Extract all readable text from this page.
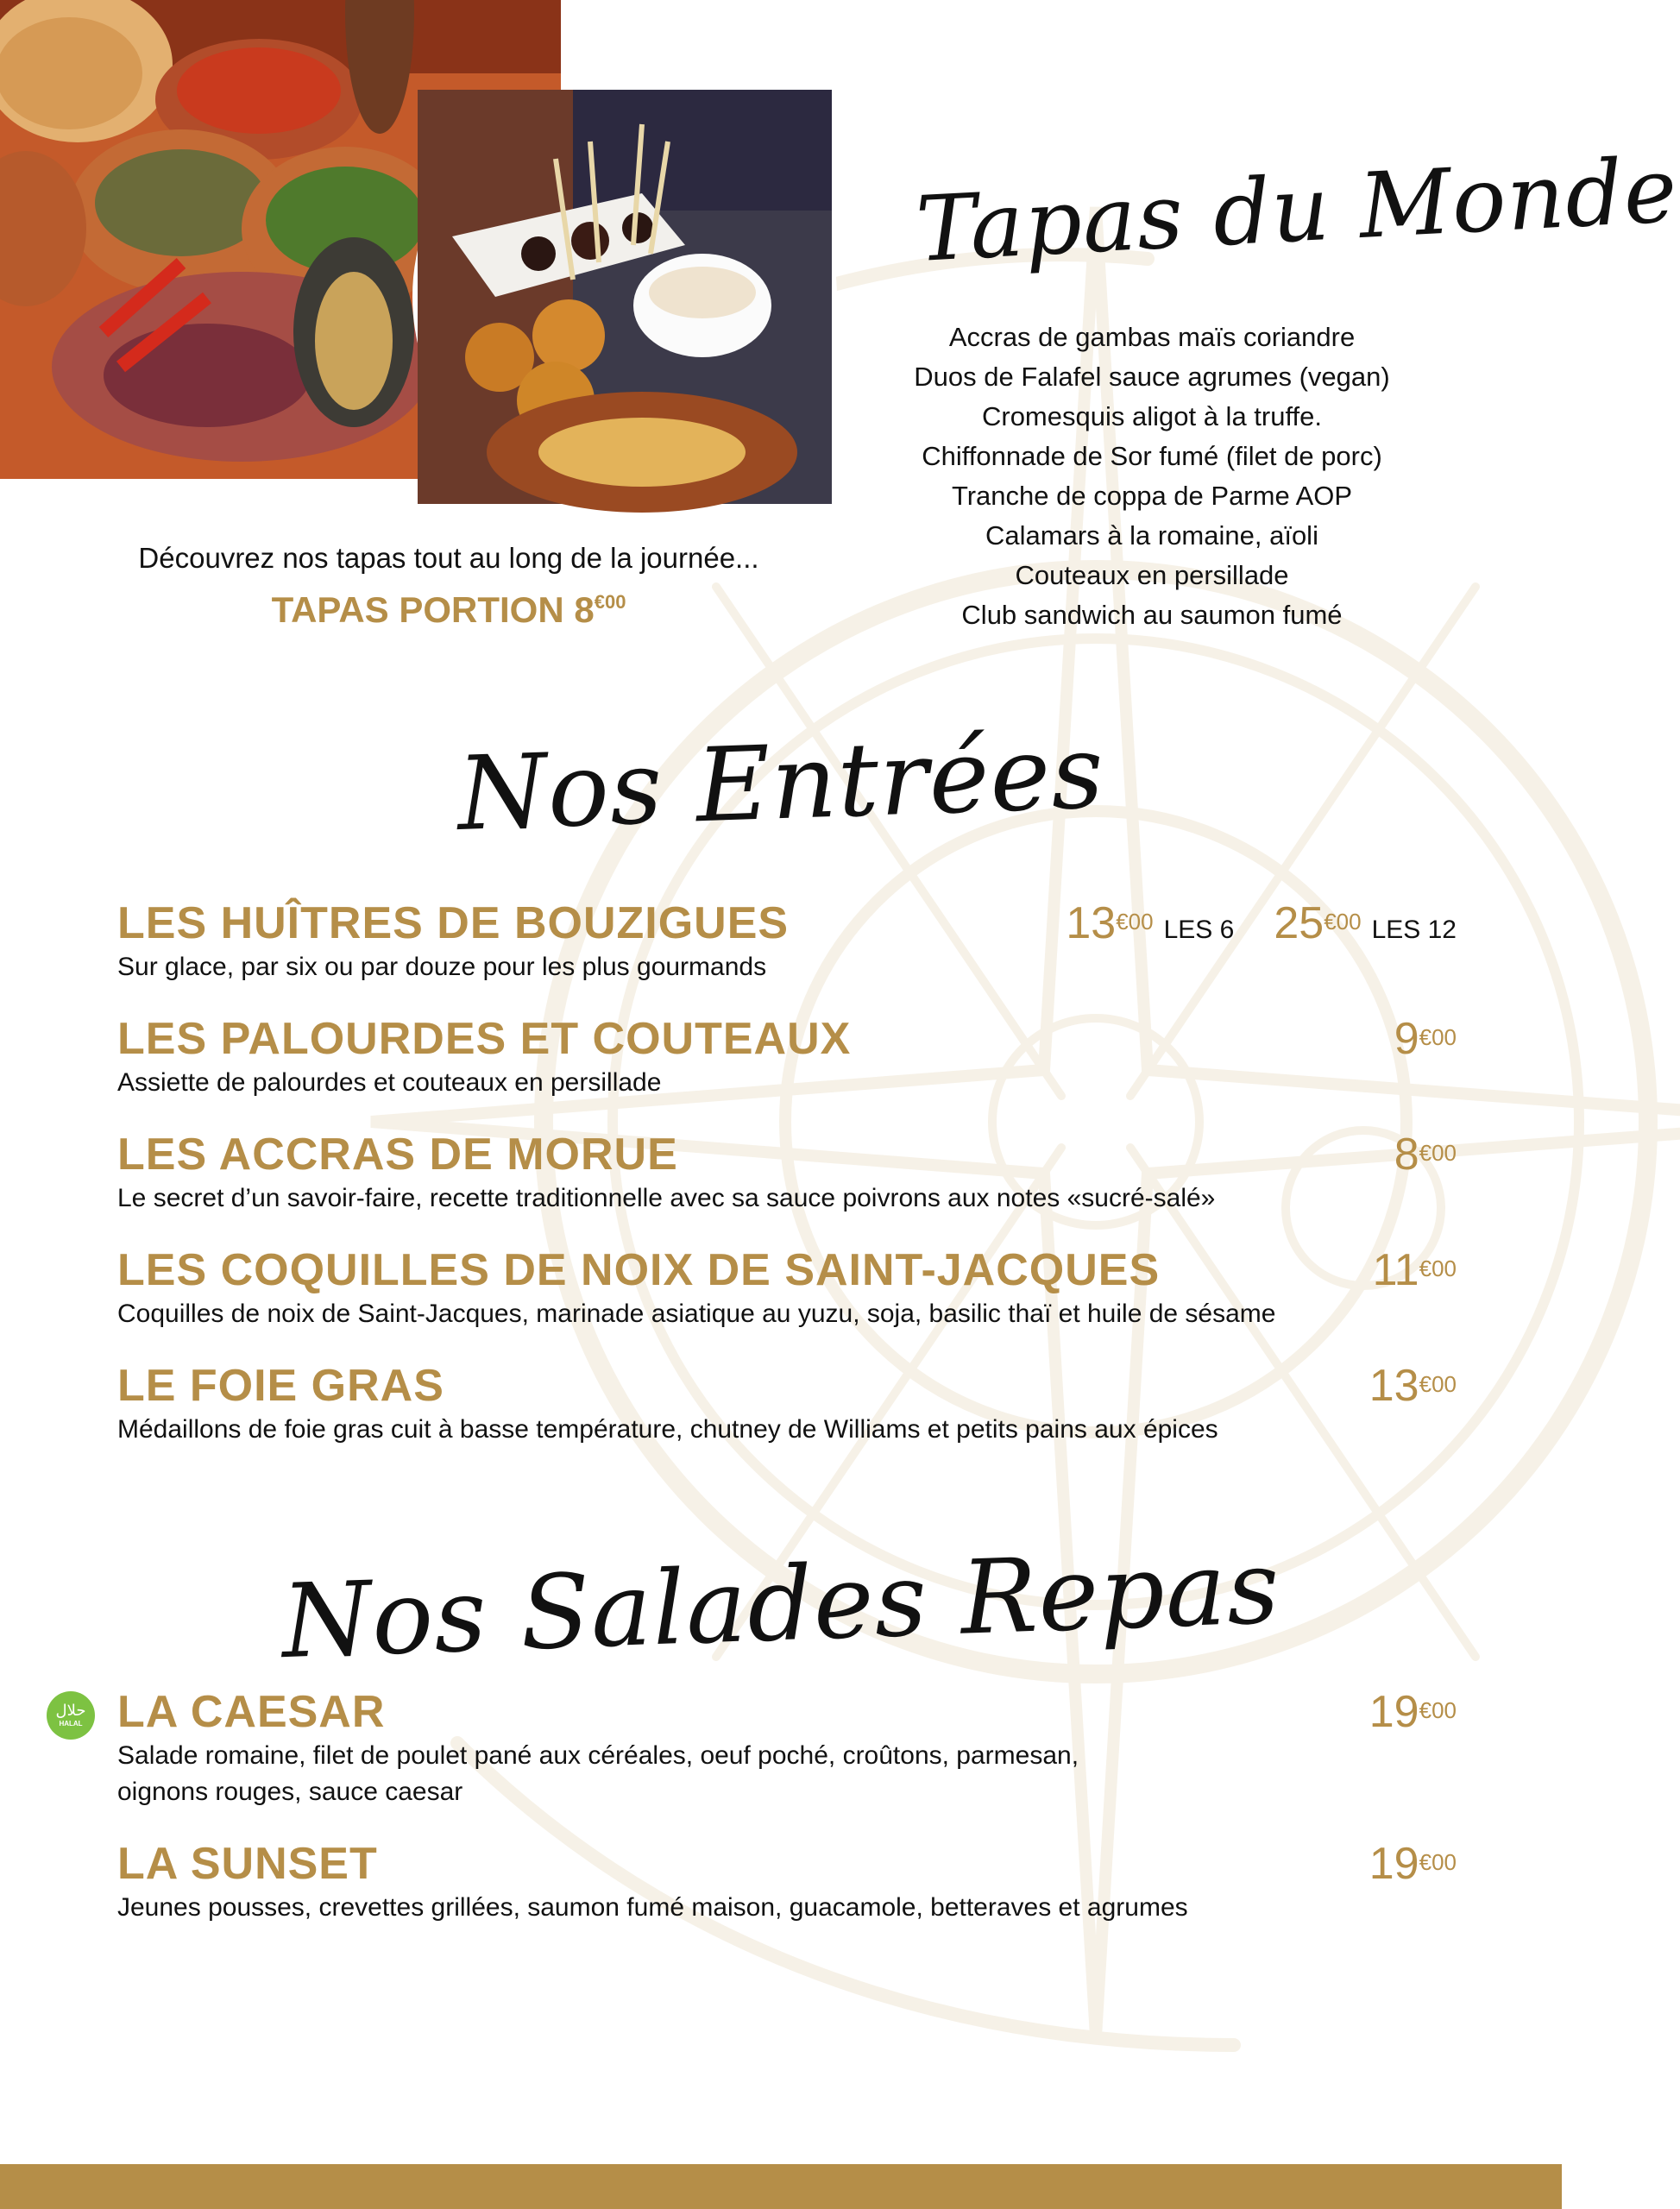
Tapas du Monde
Accras de gambas maïs coriandre
Duos de Falafel sauce agrumes (vegan)
Cromesquis aligot à la truffe.
Chiffonnade de Sor fumé (filet de porc)
Tranche de coppa de Parme AOP
Calamars à la romaine, aïoli
Couteaux en persillade
Club sandwich au saumon fumé
Découvrez nos tapas tout au long de la journée...
TAPAS PORTION $8^{€00}$
Nos Entrées
LES HUÎTRES DE BOUZIGUES
Sur glace, par six ou par douze pour les plus gourmands
$13^{€00}$ LES 6 $25^{€00}$ LES 12
LES PALOURDES ET COUTEAUX
Assiette de palourdes et couteaux en persillade
$9^{€00}$
LES ACCRAS DE MORUE
Le secret d’un savoir-faire, recette traditionnelle avec sa sauce poivrons aux notes «sucré-salé»
$8^{€00}$
LES COQUILLES DE NOIX DE SAINT-JACQUES
Coquilles de noix de Saint-Jacques, marinade asiatique au yuzu, soja, basilic thaï et huile de sésame
$11^{€00}$
LE FOIE GRAS
Médaillons de foie gras cuit à basse température, chutney de Williams et petits pains aux épices
$13^{€00}$
Nos Salades Repas
حلال
HALAL LA CAESAR
Salade romaine, filet de poulet pané aux céréales, oeuf poché, croûtons, parmesan,
oignons rouges, sauce caesar
$19^{€00}$
LA SUNSET
Jeunes pousses, crevettes grillées, saumon fumé maison, guacamole, betteraves et agrumes
$19^{€00}$
